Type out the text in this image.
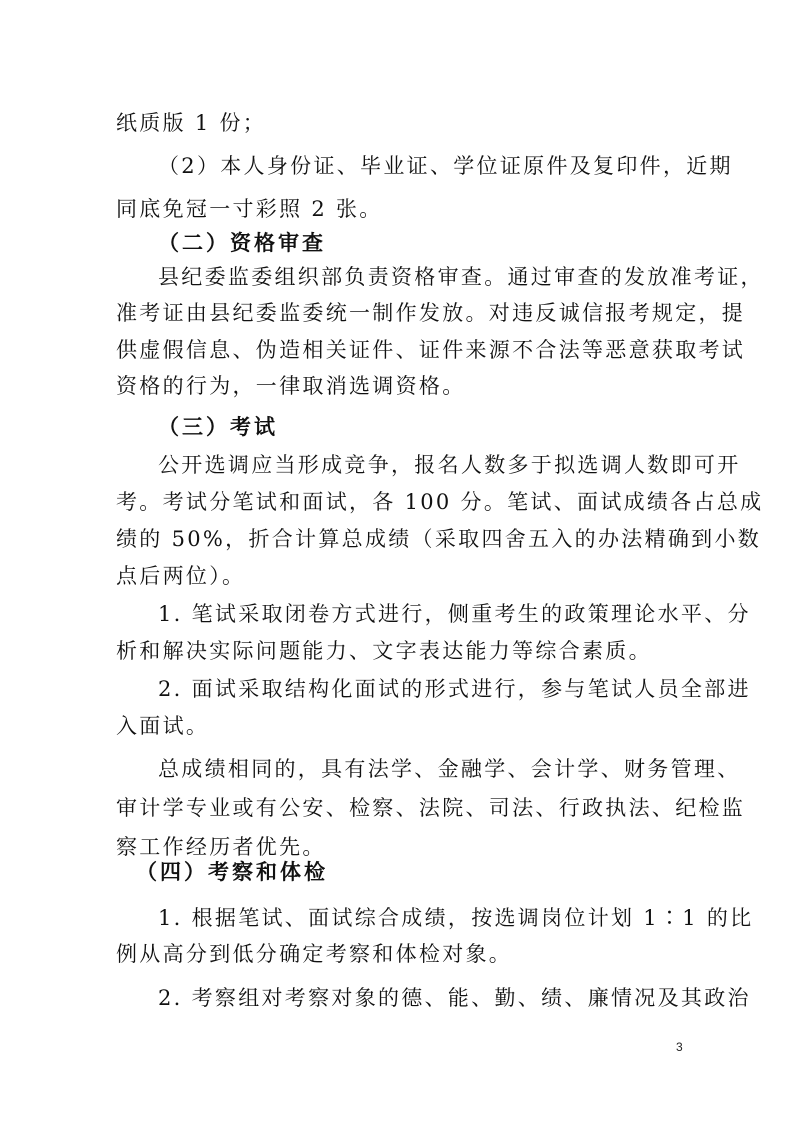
纸质版 1 份；
（2）本人身份证、毕业证、学位证原件及复印件，近期
同底免冠一寸彩照 2 张。
（二）资格审查
县纪委监委组织部负责资格审查。通过审查的发放准考证，
准考证由县纪委监委统一制作发放。对违反诚信报考规定，提
供虚假信息、伪造相关证件、证件来源不合法等恶意获取考试
资格的行为，一律取消选调资格。
（三）考试
公开选调应当形成竞争，报名人数多于拟选调人数即可开
考。考试分笔试和面试，各 100 分。笔试、面试成绩各占总成
绩的 50%，折合计算总成绩（采取四舍五入的办法精确到小数
点后两位）。
1. 笔试采取闭卷方式进行，侧重考生的政策理论水平、分
析和解决实际问题能力、文字表达能力等综合素质。
2. 面试采取结构化面试的形式进行，参与笔试人员全部进
入面试。
总成绩相同的，具有法学、金融学、会计学、财务管理、
审计学专业或有公安、检察、法院、司法、行政执法、纪检监
察工作经历者优先。
（四）考察和体检
1. 根据笔试、面试综合成绩，按选调岗位计划 1∶1 的比
例从高分到低分确定考察和体检对象。
2. 考察组对考察对象的德、能、勤、绩、廉情况及其政治
3
